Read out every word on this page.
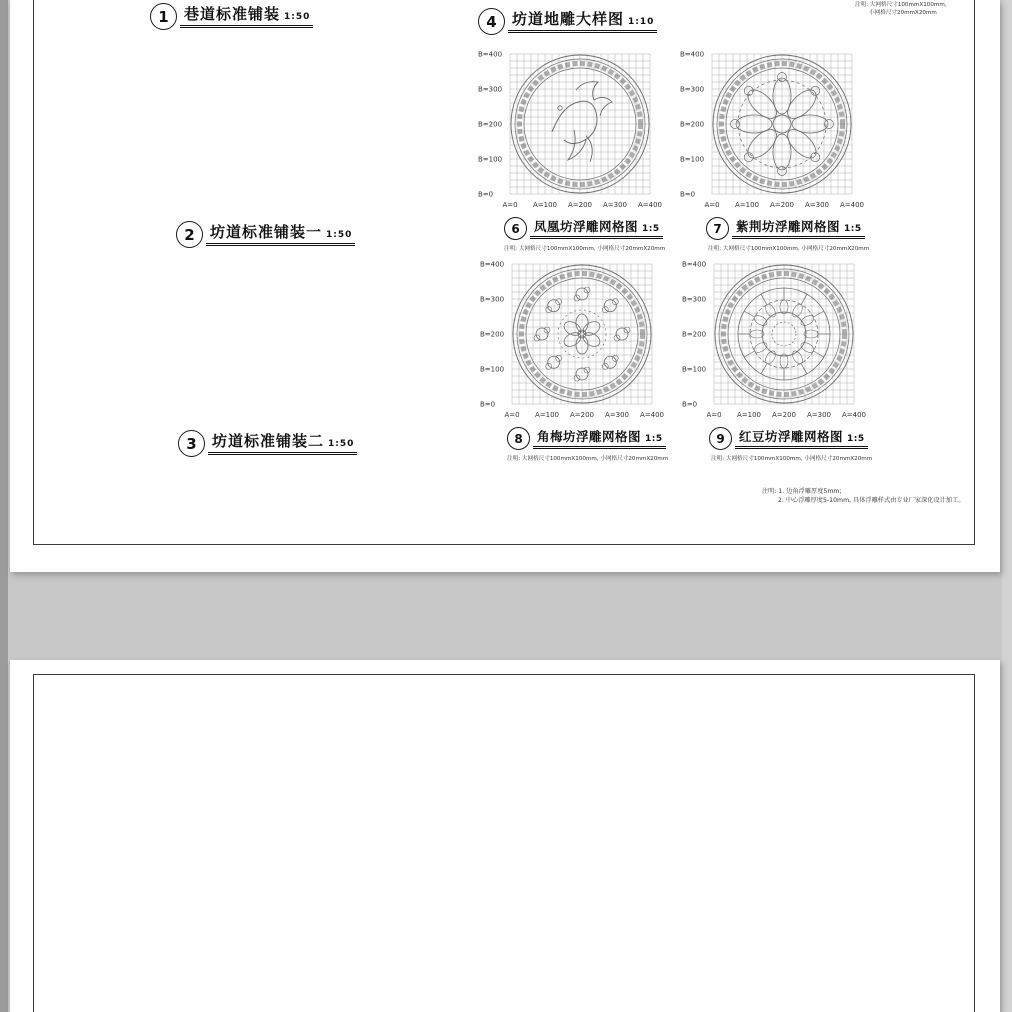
注明: 大网格尺寸100mmX100mm,
小网格尺寸20mmX20mm
注明: 1. 边角浮雕厚度5mm;
2. 中心浮雕厚度5-10mm, 具体浮雕样式由专业厂家深化设计加工。
1	巷道标准铺装 1:50
2	坊道标准铺装一 1:50
3	坊道标准铺装二 1:50
4	坊道地雕大样图 1:10
6	凤凰坊浮雕网格图 1:5
注明: 大网格尺寸100mmX100mm, 小网格尺寸20mmX20mm
7	紫荆坊浮雕网格图 1:5
注明: 大网格尺寸100mmX100mm, 小网格尺寸20mmX20mm
8	角梅坊浮雕网格图 1:5
注明: 大网格尺寸100mmX100mm, 小网格尺寸20mmX20mm
9	红豆坊浮雕网格图 1:5
注明: 大网格尺寸100mmX100mm, 小网格尺寸20mmX20mm
B=0
B=100
B=200
B=300
B=400
A=0 A=100 A=200 A=300 A=400
B=0
B=100
B=200
B=300
B=400
A=0 A=100 A=200 A=300 A=400
B=0
B=100
B=200
B=300
B=400
A=0 A=100 A=200 A=300 A=400
B=0
B=100
B=200
B=300
B=400
A=0 A=100 A=200 A=300 A=400
